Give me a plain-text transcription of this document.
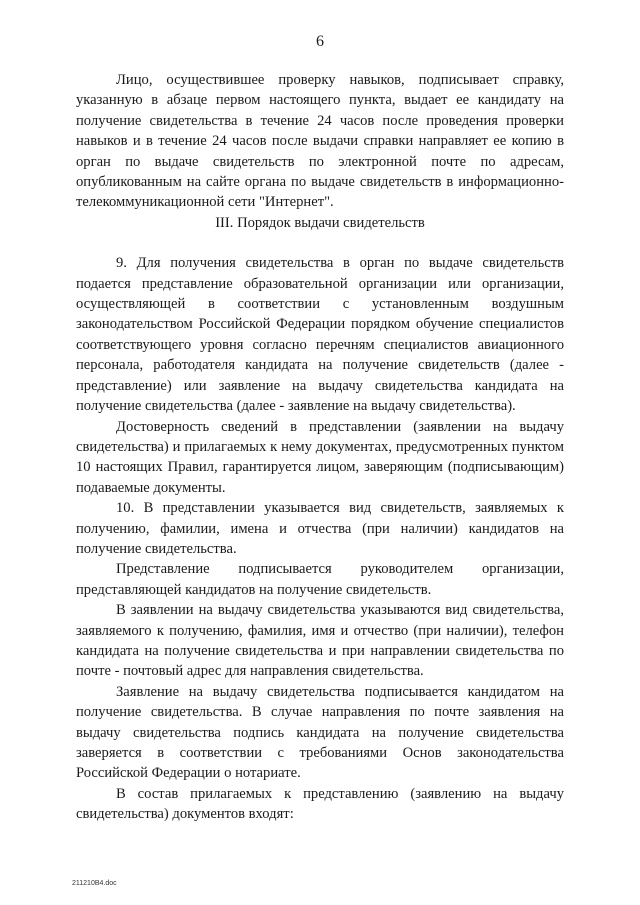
6

Лицо, осуществившее проверку навыков, подписывает справку, указанную в абзаце первом настоящего пункта, выдает ее кандидату на получение свидетельства в течение 24 часов после проведения проверки навыков и в течение 24 часов после выдачи справки направляет ее копию в орган по выдаче свидетельств по электронной почте по адресам, опубликованным на сайте органа по выдаче свидетельств в информационно-телекоммуникационной сети "Интернет".

III. Порядок выдачи свидетельств

9. Для получения свидетельства в орган по выдаче свидетельств подается представление образовательной организации или организации, осуществляющей в соответствии с установленным воздушным законодательством Российской Федерации порядком обучение специалистов соответствующего уровня согласно перечням специалистов авиационного персонала, работодателя кандидата на получение свидетельств (далее - представление) или заявление на выдачу свидетельства кандидата на получение свидетельства (далее - заявление на выдачу свидетельства).

Достоверность сведений в представлении (заявлении на выдачу свидетельства) и прилагаемых к нему документах, предусмотренных пунктом 10 настоящих Правил, гарантируется лицом, заверяющим (подписывающим) подаваемые документы.

10. В представлении указывается вид свидетельств, заявляемых к получению, фамилии, имена и отчества (при наличии) кандидатов на получение свидетельства.

Представление подписывается руководителем организации, представляющей кандидатов на получение свидетельств.

В заявлении на выдачу свидетельства указываются вид свидетельства, заявляемого к получению, фамилия, имя и отчество (при наличии), телефон кандидата на получение свидетельства и при направлении свидетельства по почте - почтовый адрес для направления свидетельства.

Заявление на выдачу свидетельства подписывается кандидатом на получение свидетельства. В случае направления по почте заявления на выдачу свидетельства подпись кандидата на получение свидетельства заверяется в соответствии с требованиями Основ законодательства Российской Федерации о нотариате.

В состав прилагаемых к представлению (заявлению на выдачу свидетельства) документов входят:

211210В4.doc
